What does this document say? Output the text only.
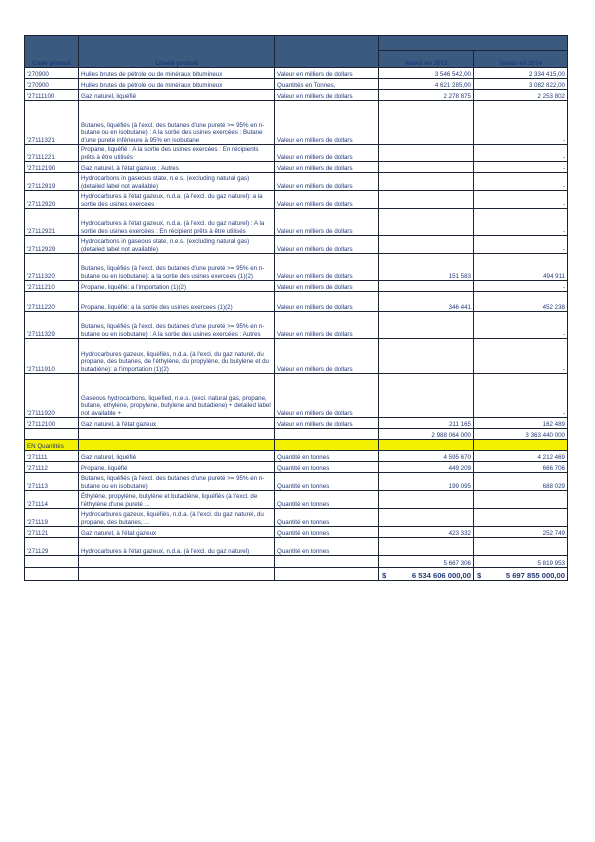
Code produit	Libellé produit			
			Valeur en 2013	Valeur en 2014
'270900	Huiles brutes de pétrole ou de minéraux bitumineux	Valeur en milliers de dollars	3 546 542,00	2 334 415,00
'270900	Huiles brutes de pétrole ou de minéraux bitumineux	Quantités en Tonnes,	4 621 285,00	3 082 822,00
'27111100	Gaz naturel, liquéfié	Valeur en milliers de dollars	2 278 875	2 253 802
'27111321	Butanes, liquéfiés (à l'excl. des butanes d'une pureté >= 95% en n-butane ou en isobutane) : A la sortie des usines exercées : Butane d'une pureté inférieure à 95% en isobutane	Valeur en milliers de dollars		-
'27111221	Propane, liquéfié : A la sortie des usines exercées : En récipients prêts à être utilisés	Valeur en milliers de dollars		-
'27112190	Gaz naturel, à l'état gazeux : Autres	Valeur en milliers de dollars		-
'27112919	Hydrocarbons in gaseous state, n.e.s. (excluding natural gas) (detailed label not available)	Valeur en milliers de dollars		-
'27112920	Hydrocarbures à l'état gazeux, n.d.a. (à l'excl. du gaz naturel): a la sortie des usines exercees	Valeur en milliers de dollars		-
'27112921	Hydrocarbures à l'état gazeux, n.d.a. (à l'excl. du gaz naturel) : A la sortie des usines exercées : En récipient prêts à être utilisés	Valeur en milliers de dollars		-
'27112929	Hydrocarbons in gaseous state, n.e.s. (excluding natural gas) (detailed label not available)	Valeur en milliers de dollars		-
'27111320	Butanes, liquéfiés (à l'excl. des butanes d'une pureté >= 95% en n-butane ou en isobutane): a la sortie des usines exercees (1)(2)	Valeur en milliers de dollars	151 583	494 911
'27111210	Propane, liquéfié: a l'importation (1)(2)	Valeur en milliers de dollars		-
'27111220	Propane, liquéfié: a la sortie des usines exercees (1)(2)	Valeur en milliers de dollars	346 441	452 238
'27111329	Butanes, liquéfiés (à l'excl. des butanes d'une pureté >= 95% en n-butane ou en isobutane) : A la sortie des usines exercées : Autres	Valeur en milliers de dollars		-
'27111910	Hydrocarbures gazeux, liquéfiés, n.d.a. (à l'excl. du gaz naturel, du propane, des butanes, de l'éthylène, du propylène, du butylène et du butadiène): a l'importation (1)(2)	Valeur en milliers de dollars		-
'27111920	Gaseous hydrocarbons, liquefied, n.e.s. (excl. natural gas, propane, butane, ethylene, propylene, butylene and butadiene) + detailed label not available +	Valeur en milliers de dollars		-
'27112100	Gaz naturel, à l'état gazeux	Valeur en milliers de dollars	211 165	162 489
			2 988 064 000	3 363 440 000
EN Quantités				
'271111	Gaz naturel, liquéfié	Quantité en tonnes	4 595 670	4 212 469
'271112	Propane, liquéfié	Quantité en tonnes	449 209	666 706
'271113	Butanes, liquéfiés (à l'excl. des butanes d'une pureté >= 95% en n-butane ou en isobutane)	Quantité en tonnes	199 095	688 029
'271114	Éthylène, propylène, butylène et butadiène, liquéfiés (à l'excl. de l'éthylène d'une pureté ...	Quantité en tonnes		
'271119	Hydrocarbures gazeux, liquéfiés, n.d.a. (à l'excl. du gaz naturel, du propane, des butanes, ...	Quantité en tonnes		
'271121	Gaz naturel, à l'état gazeux	Quantité en tonnes	423 332	252 749
'271129	Hydrocarbures à l'état gazeux, n.d.a. (à l'excl. du gaz naturel)	Quantité en tonnes		
			5 667 306	5 819 953

			$ 6 534 606 000,00	$ 5 697 855 000,00
